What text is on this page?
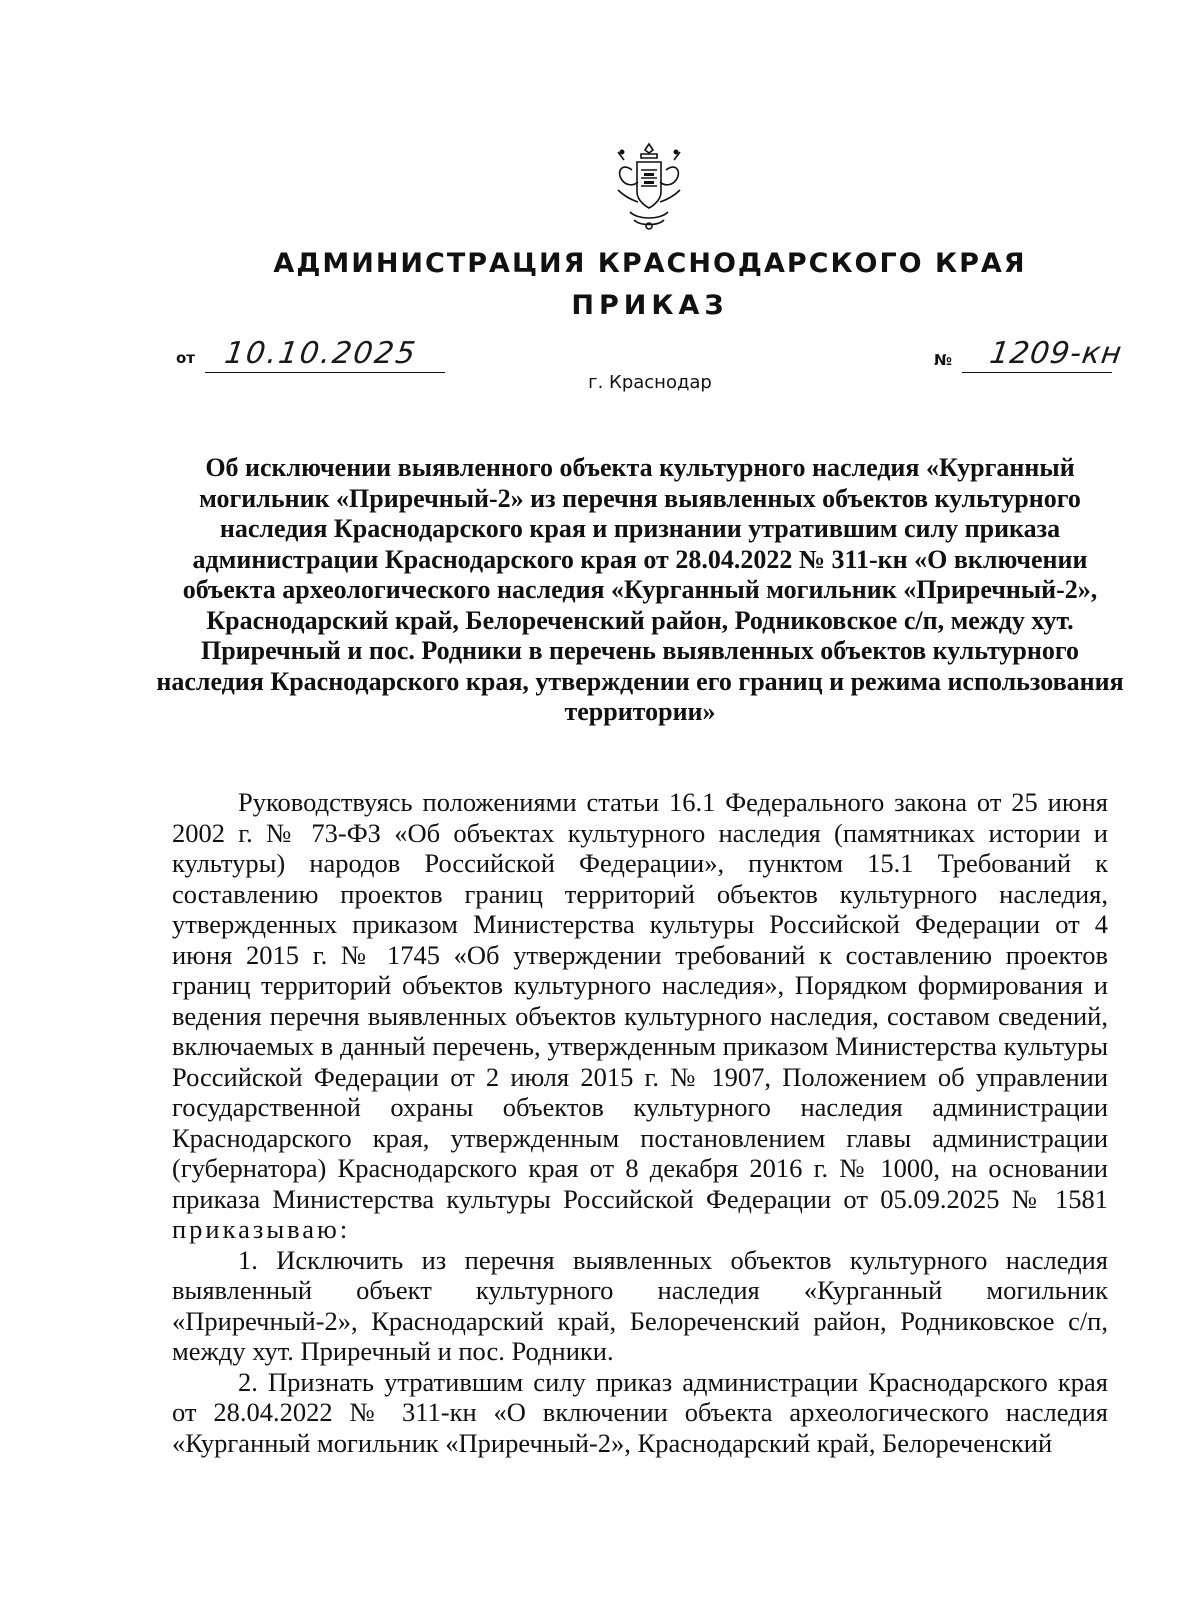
АДМИНИСТРАЦИЯ КРАСНОДАРСКОГО КРАЯ
ПРИКАЗ
от 10.10.2025
г. Краснодар
№ 1209-кн
Об исключении выявленного объекта культурного наследия «Курганный могильник «Приречный-2» из перечня выявленных объектов культурного наследия Краснодарского края и признании утратившим силу приказа администрации Краснодарского края от 28.04.2022 № 311-кн «О включении объекта археологического наследия «Курганный могильник «Приречный-2», Краснодарский край, Белореченский район, Родниковское с/п, между хут. Приречный и пос. Родники в перечень выявленных объектов культурного наследия Краснодарского края, утверждении его границ и режима использования территории»

Руководствуясь положениями статьи 16.1 Федерального закона от 25 июня 2002 г. № 73-ФЗ «Об объектах культурного наследия (памятниках истории и культуры) народов Российской Федерации», пунктом 15.1 Требований к составлению проектов границ территорий объектов культурного наследия, утвержденных приказом Министерства культуры Российской Федерации от 4 июня 2015 г. № 1745 «Об утверждении требований к составлению проектов границ территорий объектов культурного наследия», Порядком формирования и ведения перечня выявленных объектов культурного наследия, составом сведений, включаемых в данный перечень, утвержденным приказом Министерства культуры Российской Федерации от 2 июля 2015 г. № 1907, Положением об управлении государственной охраны объектов культурного наследия администрации Краснодарского края, утвержденным постановлением главы администрации (губернатора) Краснодарского края от 8 декабря 2016 г. № 1000, на основании приказа Министерства культуры Российской Федерации от 05.09.2025 № 1581 приказываю:

1. Исключить из перечня выявленных объектов культурного наследия выявленный объект культурного наследия «Курганный могильник «Приречный-2», Краснодарский край, Белореченский район, Родниковское с/п, между хут. Приречный и пос. Родники.

2. Признать утратившим силу приказ администрации Краснодарского края от 28.04.2022 № 311-кн «О включении объекта археологического наследия «Курганный могильник «Приречный-2», Краснодарский край, Белореченский
